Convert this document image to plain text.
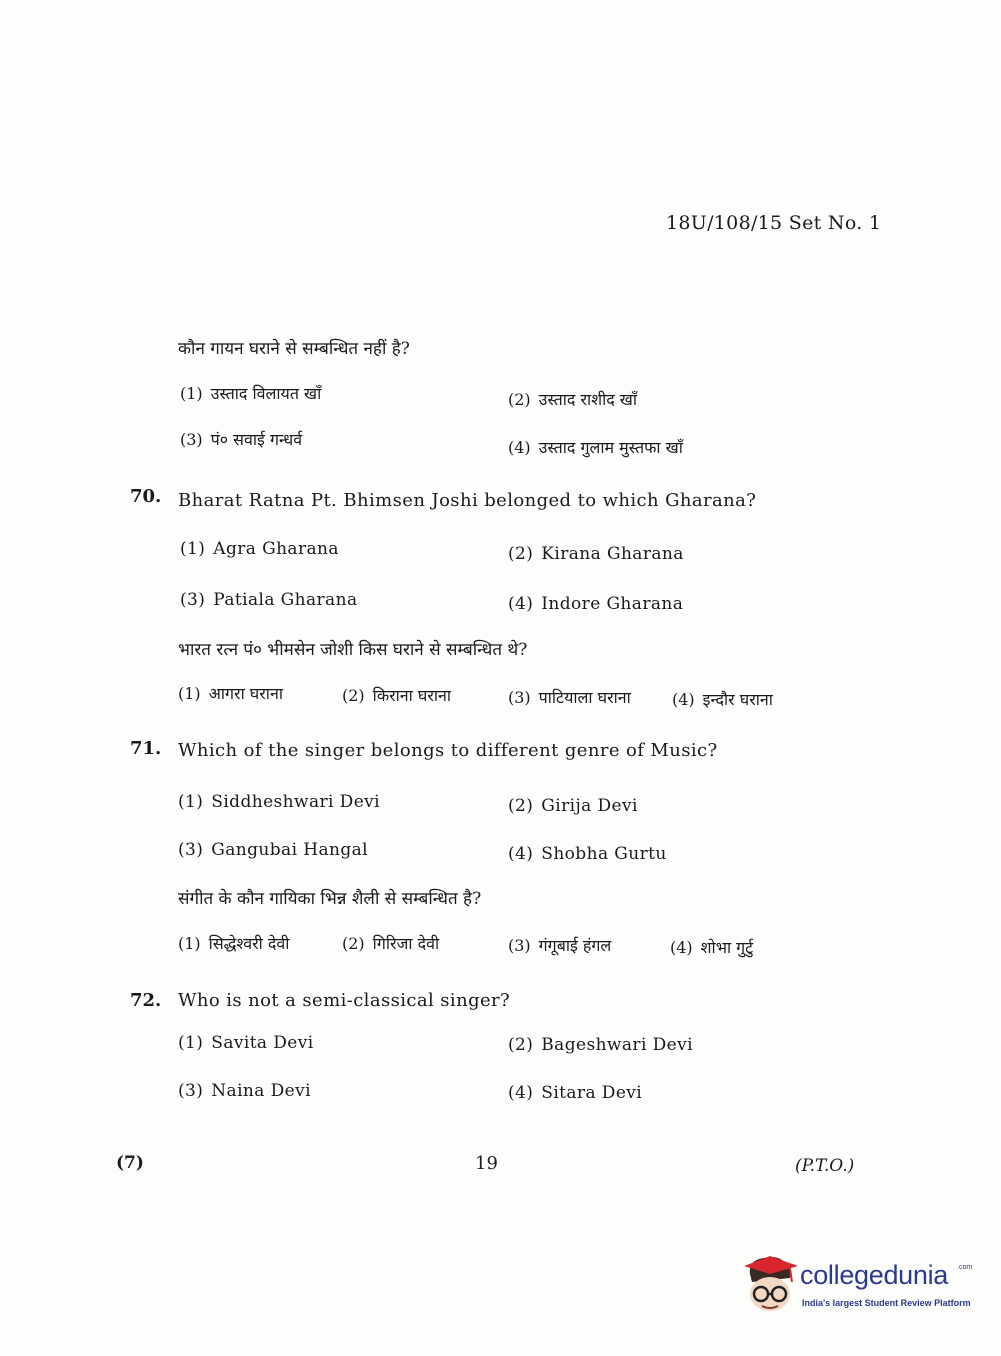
18U/108/15 Set No. 1
कौन गायन घराने से सम्बन्धित नहीं है?
(1) उस्ताद विलायत खाँ	(2) उस्ताद राशीद खाँ
(3) पं० सवाई गन्धर्व	(4) उस्ताद गुलाम मुस्तफा खाँ
70. Bharat Ratna Pt. Bhimsen Joshi belonged to which Gharana?
(1) Agra Gharana	(2) Kirana Gharana
(3) Patiala Gharana	(4) Indore Gharana
भारत रत्न पं० भीमसेन जोशी किस घराने से सम्बन्धित थे?
(1) आगरा घराना	(2) किराना घराना	(3) पाटियाला घराना	(4) इन्दौर घराना
71. Which of the singer belongs to different genre of Music?
(1) Siddheshwari Devi	(2) Girija Devi
(3) Gangubai Hangal	(4) Shobha Gurtu
संगीत के कौन गायिका भिन्न शैली से सम्बन्धित है?
(1) सिद्धेश्वरी देवी	(2) गिरिजा देवी	(3) गंगूबाई हंगल	(4) शोभा गुर्टु
72. Who is not a semi-classical singer?
(1) Savita Devi	(2) Bageshwari Devi
(3) Naina Devi	(4) Sitara Devi
(7)	19	(P.T.O.)
collegedunia .com
India's largest Student Review Platform
